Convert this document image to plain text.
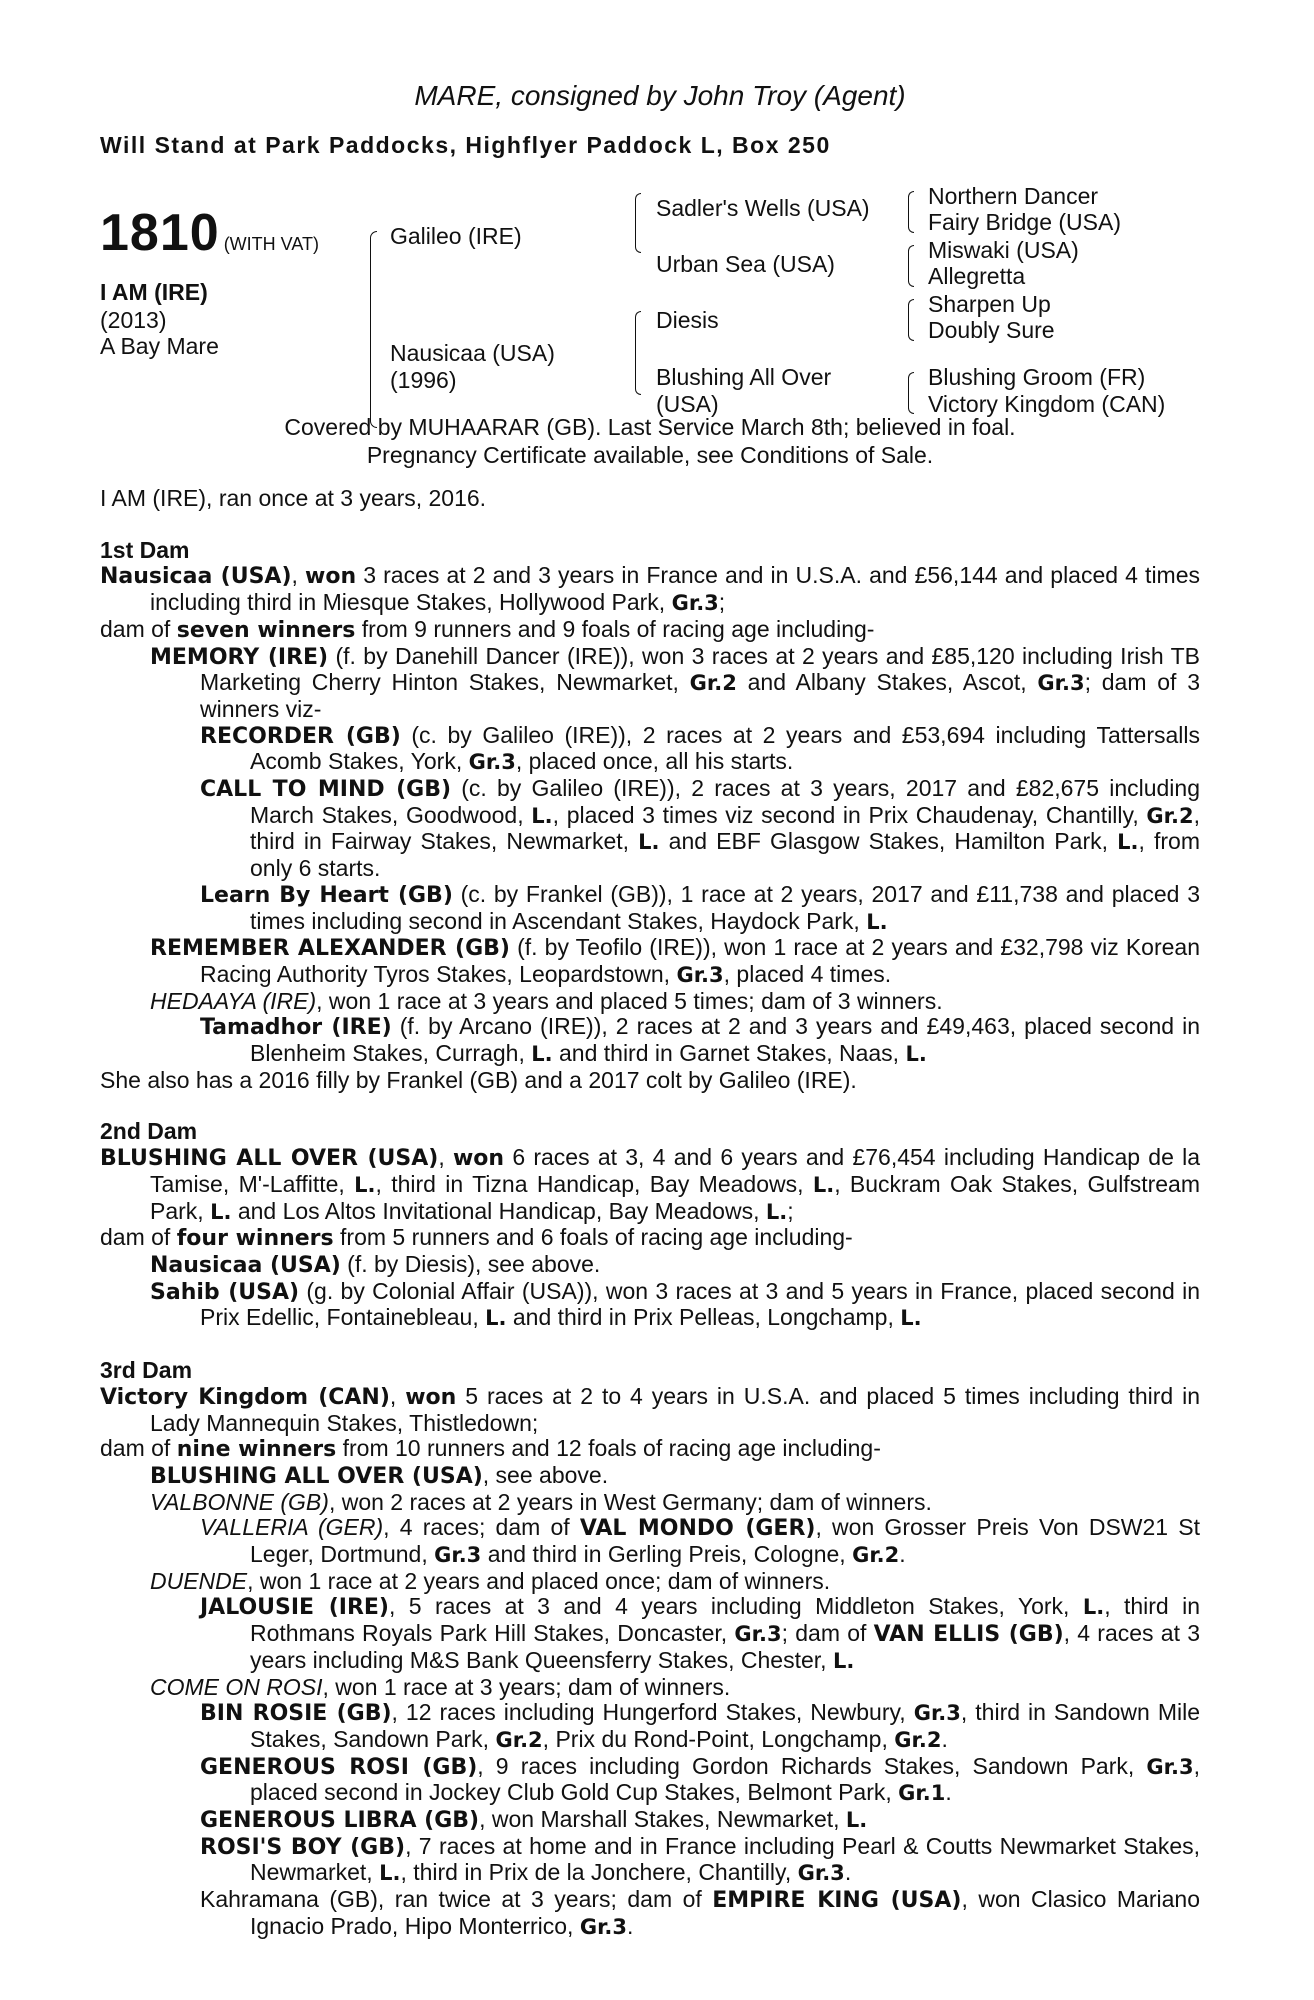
MARE, consigned by John Troy (Agent)
Will Stand at Park Paddocks, Highflyer Paddock L, Box 250
1810 (WITH VAT)
I AM (IRE)
(2013)
A Bay Mare
Galileo (IRE)
Nausicaa (USA)
(1996)
Sadler's Wells (USA)
Urban Sea (USA)
Diesis
Blushing All Over
(USA)
Northern Dancer
Fairy Bridge (USA)
Miswaki (USA)
Allegretta
Sharpen Up
Doubly Sure
Blushing Groom (FR)
Victory Kingdom (CAN)
Covered by MUHAARAR (GB). Last Service March 8th; believed in foal.
Pregnancy Certificate available, see Conditions of Sale.
I AM (IRE), ran once at 3 years, 2016.
1st Dam
Nausicaa (USA), won 3 races at 2 and 3 years in France and in U.S.A. and £56,144 and placed 4 times including third in Miesque Stakes, Hollywood Park, Gr.3;
dam of seven winners from 9 runners and 9 foals of racing age including-
MEMORY (IRE) (f. by Danehill Dancer (IRE)), won 3 races at 2 years and £85,120 including Irish TB Marketing Cherry Hinton Stakes, Newmarket, Gr.2 and Albany Stakes, Ascot, Gr.3; dam of 3 winners viz-
RECORDER (GB) (c. by Galileo (IRE)), 2 races at 2 years and £53,694 including Tattersalls Acomb Stakes, York, Gr.3, placed once, all his starts.
CALL TO MIND (GB) (c. by Galileo (IRE)), 2 races at 3 years, 2017 and £82,675 including March Stakes, Goodwood, L., placed 3 times viz second in Prix Chaudenay, Chantilly, Gr.2, third in Fairway Stakes, Newmarket, L. and EBF Glasgow Stakes, Hamilton Park, L., from only 6 starts.
Learn By Heart (GB) (c. by Frankel (GB)), 1 race at 2 years, 2017 and £11,738 and placed 3 times including second in Ascendant Stakes, Haydock Park, L.
REMEMBER ALEXANDER (GB) (f. by Teofilo (IRE)), won 1 race at 2 years and £32,798 viz Korean Racing Authority Tyros Stakes, Leopardstown, Gr.3, placed 4 times.
HEDAAYA (IRE), won 1 race at 3 years and placed 5 times; dam of 3 winners.
Tamadhor (IRE) (f. by Arcano (IRE)), 2 races at 2 and 3 years and £49,463, placed second in Blenheim Stakes, Curragh, L. and third in Garnet Stakes, Naas, L.
She also has a 2016 filly by Frankel (GB) and a 2017 colt by Galileo (IRE).
2nd Dam
BLUSHING ALL OVER (USA), won 6 races at 3, 4 and 6 years and £76,454 including Handicap de la Tamise, M'-Laffitte, L., third in Tizna Handicap, Bay Meadows, L., Buckram Oak Stakes, Gulfstream Park, L. and Los Altos Invitational Handicap, Bay Meadows, L.;
dam of four winners from 5 runners and 6 foals of racing age including-
Nausicaa (USA) (f. by Diesis), see above.
Sahib (USA) (g. by Colonial Affair (USA)), won 3 races at 3 and 5 years in France, placed second in Prix Edellic, Fontainebleau, L. and third in Prix Pelleas, Longchamp, L.
3rd Dam
Victory Kingdom (CAN), won 5 races at 2 to 4 years in U.S.A. and placed 5 times including third in Lady Mannequin Stakes, Thistledown;
dam of nine winners from 10 runners and 12 foals of racing age including-
BLUSHING ALL OVER (USA), see above.
VALBONNE (GB), won 2 races at 2 years in West Germany; dam of winners.
VALLERIA (GER), 4 races; dam of VAL MONDO (GER), won Grosser Preis Von DSW21 St Leger, Dortmund, Gr.3 and third in Gerling Preis, Cologne, Gr.2.
DUENDE, won 1 race at 2 years and placed once; dam of winners.
JALOUSIE (IRE), 5 races at 3 and 4 years including Middleton Stakes, York, L., third in Rothmans Royals Park Hill Stakes, Doncaster, Gr.3; dam of VAN ELLIS (GB), 4 races at 3 years including M&S Bank Queensferry Stakes, Chester, L.
COME ON ROSI, won 1 race at 3 years; dam of winners.
BIN ROSIE (GB), 12 races including Hungerford Stakes, Newbury, Gr.3, third in Sandown Mile Stakes, Sandown Park, Gr.2, Prix du Rond-Point, Longchamp, Gr.2.
GENEROUS ROSI (GB), 9 races including Gordon Richards Stakes, Sandown Park, Gr.3, placed second in Jockey Club Gold Cup Stakes, Belmont Park, Gr.1.
GENEROUS LIBRA (GB), won Marshall Stakes, Newmarket, L.
ROSI'S BOY (GB), 7 races at home and in France including Pearl & Coutts Newmarket Stakes, Newmarket, L., third in Prix de la Jonchere, Chantilly, Gr.3.
Kahramana (GB), ran twice at 3 years; dam of EMPIRE KING (USA), won Clasico Mariano Ignacio Prado, Hipo Monterrico, Gr.3.
